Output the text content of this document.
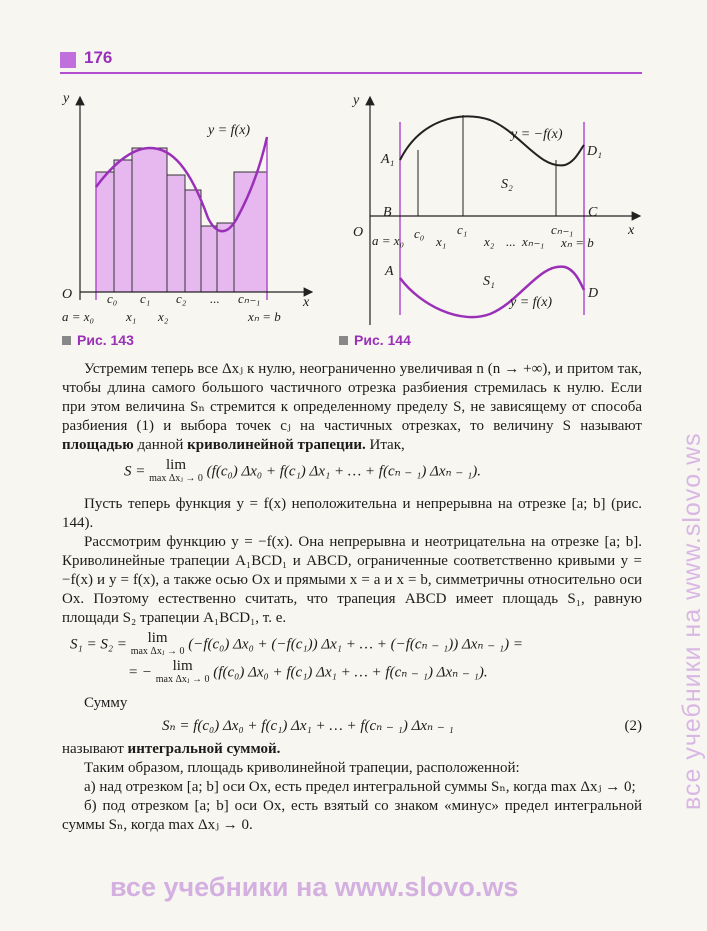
176
y
O
x
y = f(x)
c₀ c₁ c₂ ... cₙ₋₁
a = x₀ x₁ x₂	xₙ = b
y
O	x
y = −f(x)
y = f(x)
A₁
D₁
B	C
A
D
S₂
S₁
c₀	c₁	cₙ₋₁
a = x₀ x₁	x₂ ... xₙ₋₁ xₙ = b
Рис. 143	Рис. 144

Устремим теперь все Δxⱼ к нулю, неограниченно увеличивая n (n → +∞), и притом так, чтобы длина самого большого частичного отрезка разбиения стремилась к нулю. Если при этом величина Sₙ стремится к определенному пределу S, не зависящему от способа разбиения (1) и выбора точек cⱼ на частичных отрезках, то величину S называют площадью данной криволинейной трапеции. Итак,

S =	lim
max Δxⱼ → 0 (f(c₀) Δx₀ + f(c₁) Δx₁ + … + f(cₙ ₋ ₁) Δxₙ ₋ ₁).

Пусть теперь функция y = f(x) неположительна и непрерывна на отрезке [a; b] (рис. 144).

Рассмотрим функцию y = −f(x). Она непрерывна и неотрицательна на отрезке [a; b]. Криволинейные трапеции A₁BCD₁ и ABCD, ограниченные соответственно кривыми y = −f(x) и y = f(x), а также осью Ox и прямыми x = a и x = b, симметричны относительно оси Ox. Поэтому естественно считать, что трапеция ABCD имеет площадь S₁, равную площади S₂ трапеции A₁BCD₁, т. е.

S₁ = S₂ =	lim
max Δxⱼ → 0 (−f(c₀) Δx₀ + (−f(c₁)) Δx₁ + … + (−f(cₙ ₋ ₁)) Δxₙ ₋ ₁) =
= −	lim
max Δxⱼ → 0 (f(c₀) Δx₀ + f(c₁) Δx₁ + … + f(cₙ ₋ ₁) Δxₙ ₋ ₁).

Сумму

Sₙ = f(c₀) Δx₀ + f(c₁) Δx₁ + … + f(cₙ ₋ ₁) Δxₙ ₋ ₁	(2)

называют интегральной суммой.

Таким образом, площадь криволинейной трапеции, расположенной:

а) над отрезком [a; b] оси Ox, есть предел интегральной суммы Sₙ, когда max Δxⱼ → 0;

б) под отрезком [a; b] оси Ox, есть взятый со знаком «минус» предел интегральной суммы Sₙ, когда max Δxⱼ → 0.

все учебники на www.slovo.ws
все учебники на www.slovo.ws
